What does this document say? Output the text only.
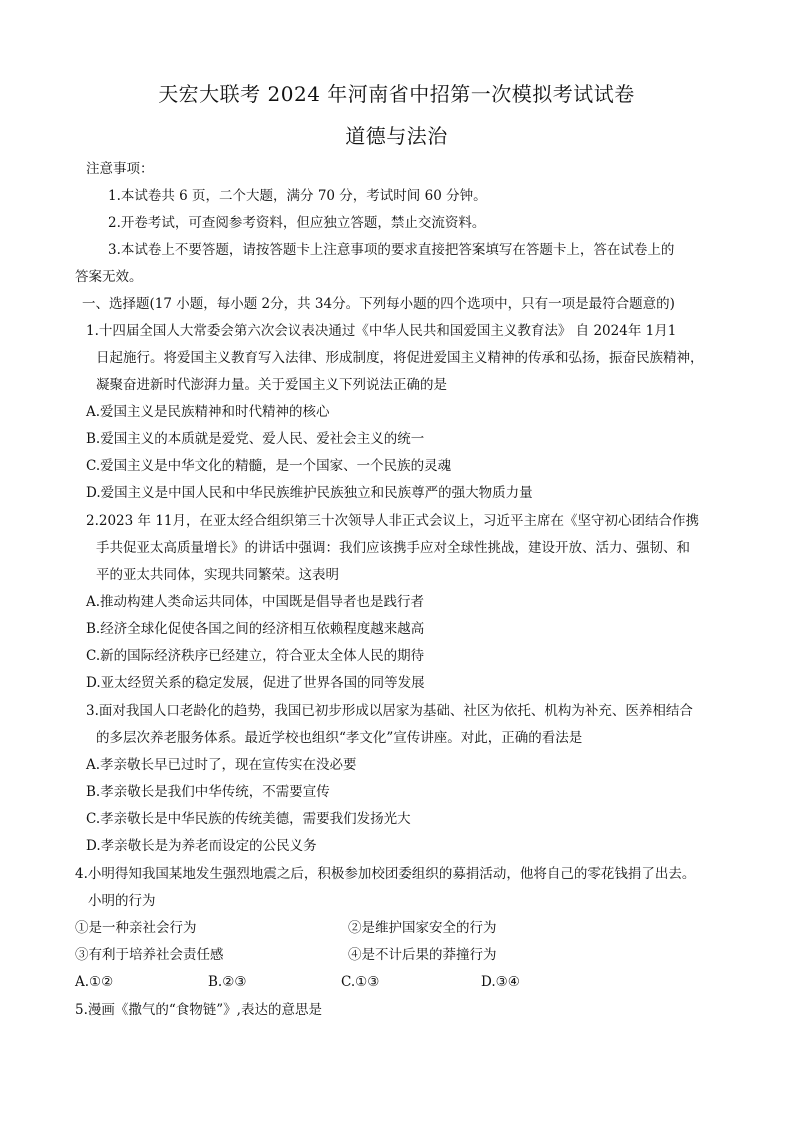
天宏大联考 2024 年河南省中招第一次模拟考试试卷
道德与法治
注意事项：
1.本试卷共 6 页，二个大题，满分 70 分，考试时间 60 分钟。
2.开卷考试，可查阅参考资料，但应独立答题，禁止交流资料。
3.本试卷上不要答题，请按答题卡上注意事项的要求直接把答案填写在答题卡上，答在试卷上的
答案无效。
一、选择题(17 小题，每小题 2分，共 34分。下列每小题的四个选项中，只有一项是最符合题意的)
1.十四届全国人大常委会第六次会议表决通过《中华人民共和国爱国主义教育法》 自 2024年 1月1
日起施行。将爱国主义教育写入法律、形成制度，将促进爱国主义精神的传承和弘扬，振奋民族精神，
凝聚奋进新时代澎湃力量。关于爱国主义下列说法正确的是
A.爱国主义是民族精神和时代精神的核心
B.爱国主义的本质就是爱党、爱人民、爱社会主义的统一
C.爱国主义是中华文化的精髓，是一个国家、一个民族的灵魂
D.爱国主义是中国人民和中华民族维护民族独立和民族尊严的强大物质力量
2.2023 年 11月，在亚太经合组织第三十次领导人非正式会议上，习近平主席在《坚守初心团结合作携
手共促亚太高质量增长》的讲话中强调：我们应该携手应对全球性挑战，建设开放、活力、强韧、和
平的亚太共同体，实现共同繁荣。这表明
A.推动构建人类命运共同体，中国既是倡导者也是践行者
B.经济全球化促使各国之间的经济相互依赖程度越来越高
C.新的国际经济秩序已经建立，符合亚太全体人民的期待
D.亚太经贸关系的稳定发展，促进了世界各国的同等发展
3.面对我国人口老龄化的趋势，我国已初步形成以居家为基础、社区为依托、机构为补充、医养相结合
的多层次养老服务体系。最近学校也组织“孝文化”宣传讲座。对此，正确的看法是
A.孝亲敬长早已过时了，现在宣传实在没必要
B.孝亲敬长是我们中华传统，不需要宣传
C.孝亲敬长是中华民族的传统美德，需要我们发扬光大
D.孝亲敬长是为养老而设定的公民义务
4.小明得知我国某地发生强烈地震之后，积极参加校团委组织的募捐活动，他将自己的零花钱捐了出去。
小明的行为
①是一种亲社会行为	②是维护国家安全的行为
③有利于培养社会责任感	④是不计后果的莽撞行为
A.①②	B.②③	C.①③	D.③④
5.漫画《撒气的“食物链”》,表达的意思是
